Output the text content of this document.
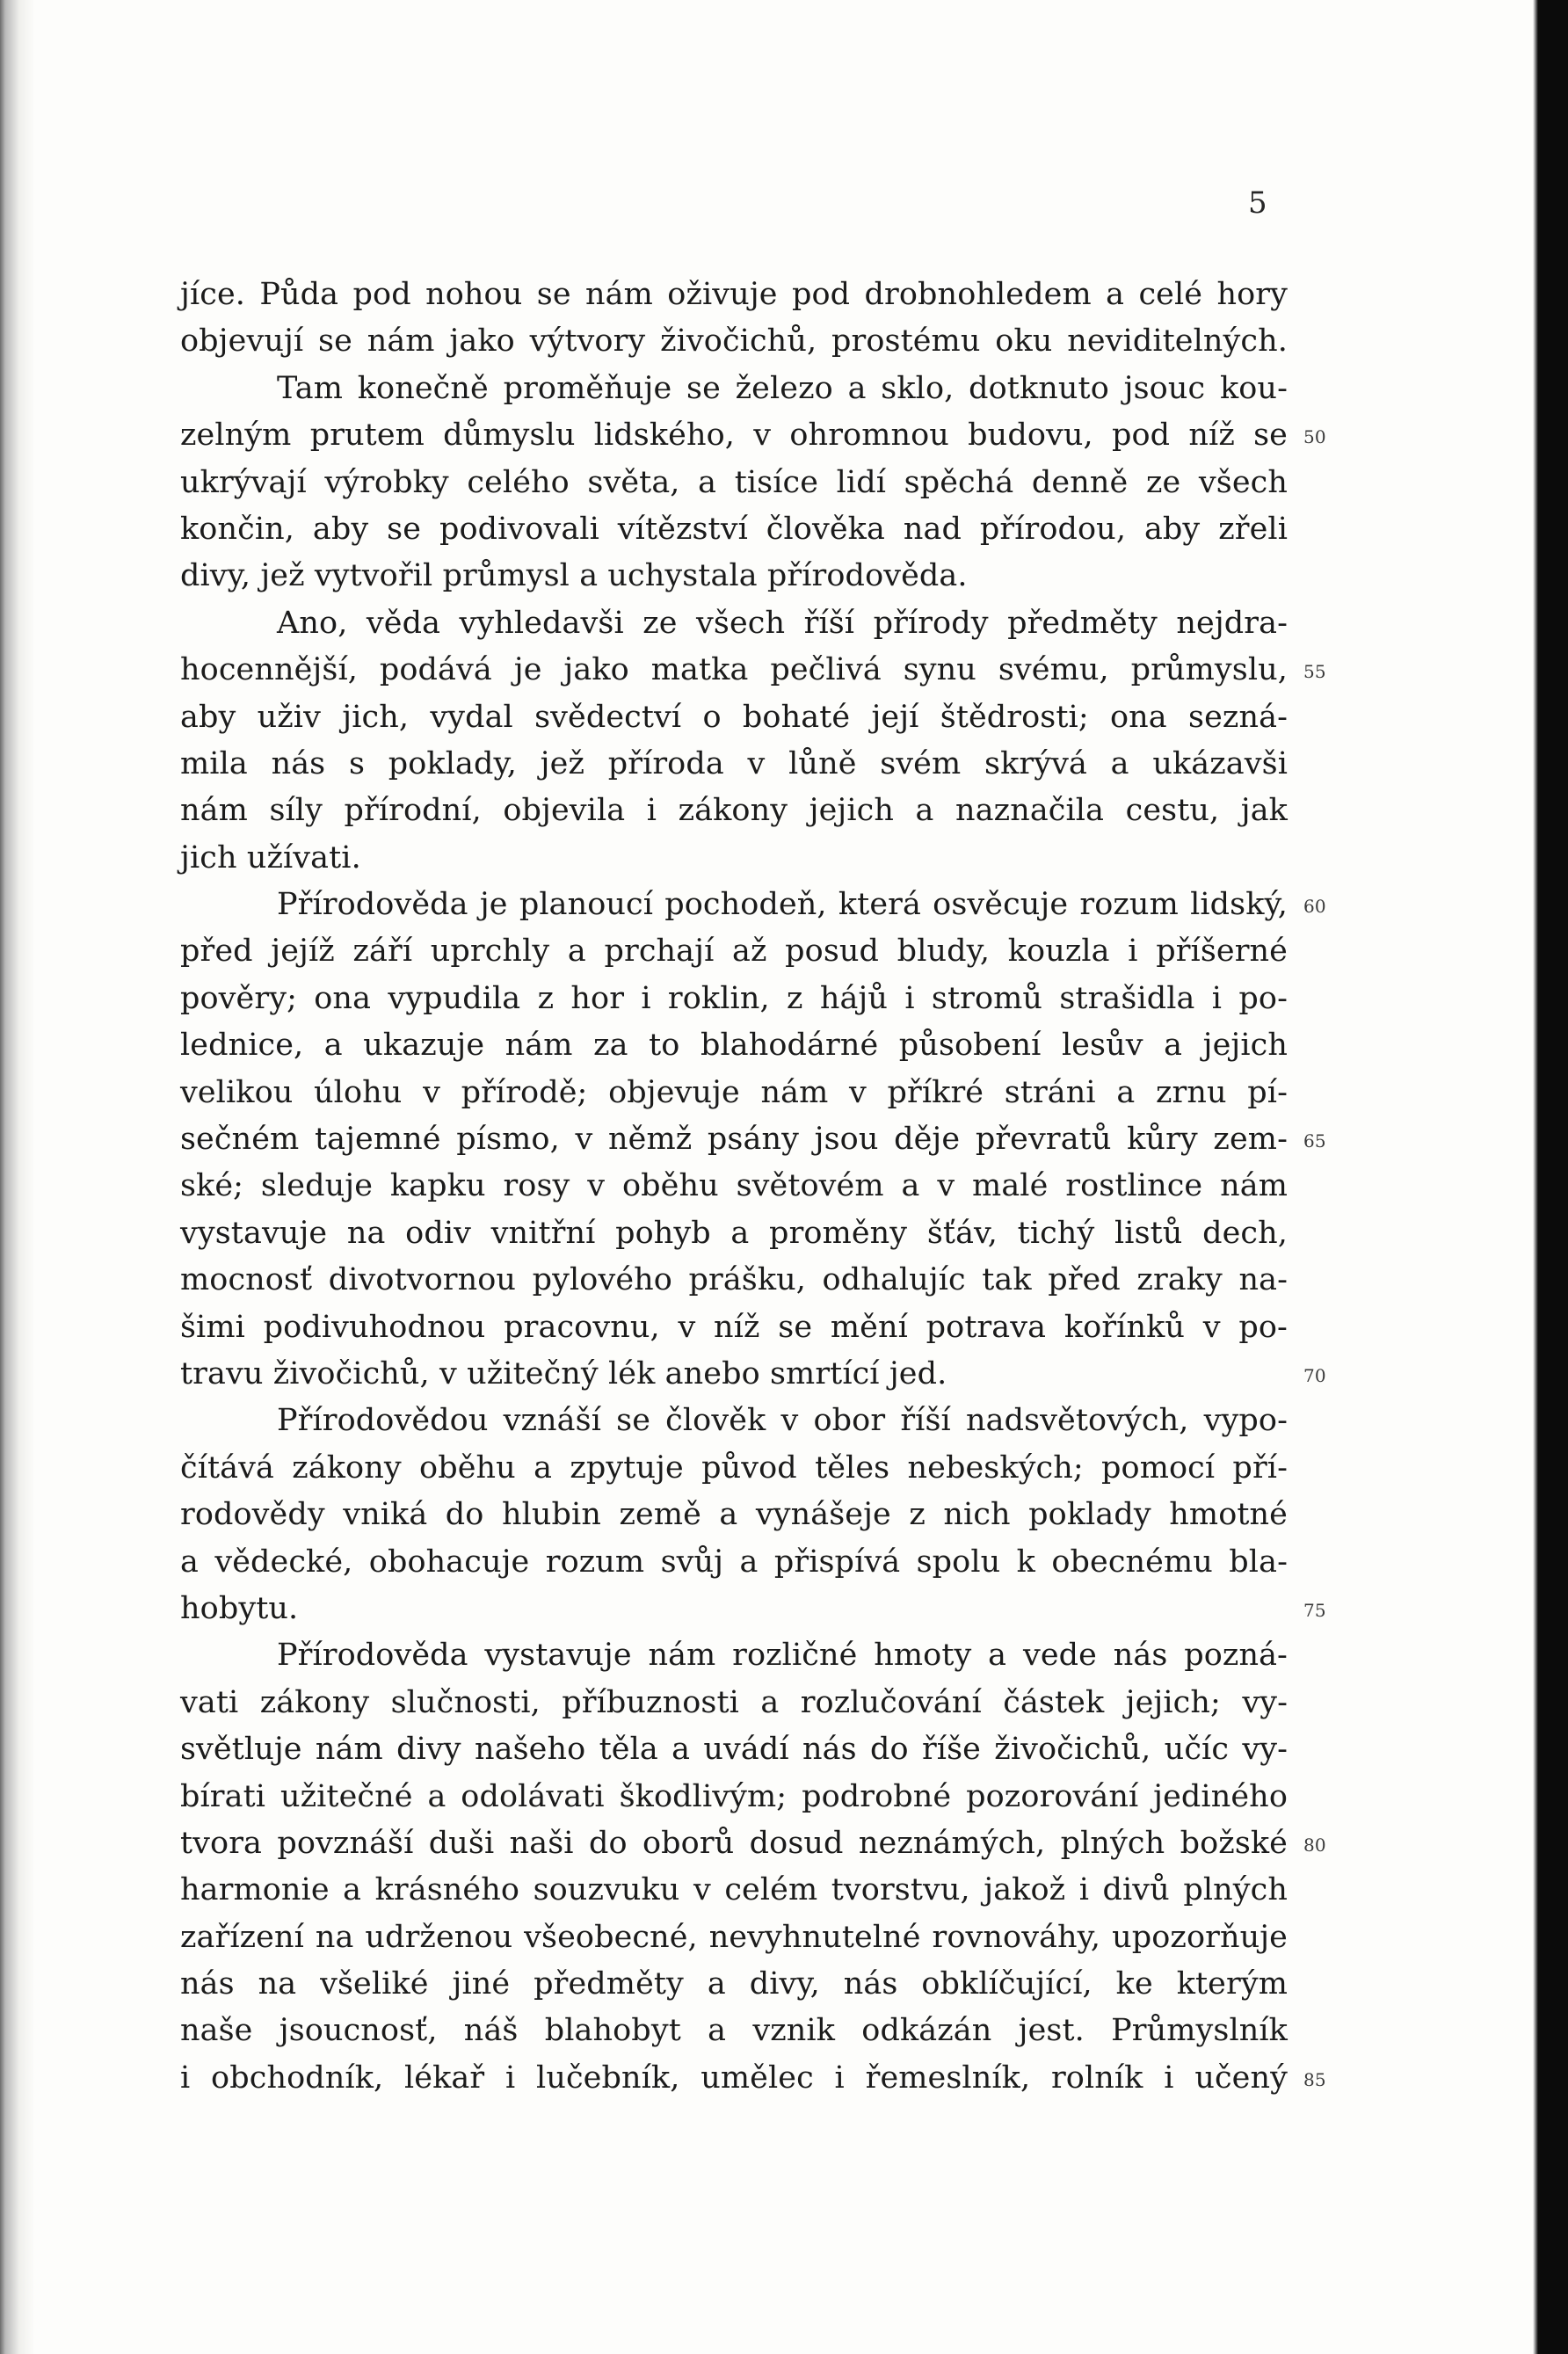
5
jíce. Půda pod nohou se nám oživuje pod drobnohledem a celé hory
objevují se nám jako výtvory živočichů, prostému oku neviditelných.
Tam konečně proměňuje se železo a sklo, dotknuto jsouc kou-
zelným prutem důmyslu lidského, v ohromnou budovu, pod níž se 50
ukrývají výrobky celého světa, a tisíce lidí spěchá denně ze všech
končin, aby se podivovali vítězství člověka nad přírodou, aby zřeli
divy, jež vytvořil průmysl a uchystala přírodověda.
Ano, věda vyhledavši ze všech říší přírody předměty nejdra-
hocennější, podává je jako matka pečlivá synu svému, průmyslu, 55
aby uživ jich, vydal svědectví o bohaté její štědrosti; ona sezná-
mila nás s poklady, jež příroda v lůně svém skrývá a ukázavši
nám síly přírodní, objevila i zákony jejich a naznačila cestu, jak
jich užívati.
Přírodověda je planoucí pochodeň, která osvěcuje rozum lidský, 60
před jejíž září uprchly a prchají až posud bludy, kouzla i příšerné
pověry; ona vypudila z hor i roklin, z hájů i stromů strašidla i po-
lednice, a ukazuje nám za to blahodárné působení lesův a jejich
velikou úlohu v přírodě; objevuje nám v příkré stráni a zrnu pí-
sečném tajemné písmo, v němž psány jsou děje převratů kůry zem- 65
ské; sleduje kapku rosy v oběhu světovém a v malé rostlince nám
vystavuje na odiv vnitřní pohyb a proměny šťáv, tichý listů dech,
mocnosť divotvornou pylového prášku, odhalujíc tak před zraky na-
šimi podivuhodnou pracovnu, v níž se mění potrava kořínků v po-
travu živočichů, v užitečný lék anebo smrtící jed.	70
Přírodovědou vznáší se člověk v obor říší nadsvětových, vypo-
čítává zákony oběhu a zpytuje původ těles nebeských; pomocí pří-
rodovědy vniká do hlubin země a vynášeje z nich poklady hmotné
a vědecké, obohacuje rozum svůj a přispívá spolu k obecnému bla-
hobytu.	75
Přírodověda vystavuje nám rozličné hmoty a vede nás pozná-
vati zákony slučnosti, příbuznosti a rozlučování částek jejich; vy-
světluje nám divy našeho těla a uvádí nás do říše živočichů, učíc vy-
bírati užitečné a odolávati škodlivým; podrobné pozorování jediného
tvora povznáší duši naši do oborů dosud neznámých, plných božské 80
harmonie a krásného souzvuku v celém tvorstvu, jakož i divů plných
zařízení na udrženou všeobecné, nevyhnutelné rovnováhy, upozorňuje
nás na všeliké jiné předměty a divy, nás obklíčující, ke kterým
naše jsoucnosť, náš blahobyt a vznik odkázán jest. Průmyslník
i obchodník, lékař i lučebník, umělec i řemeslník, rolník i učený 85
